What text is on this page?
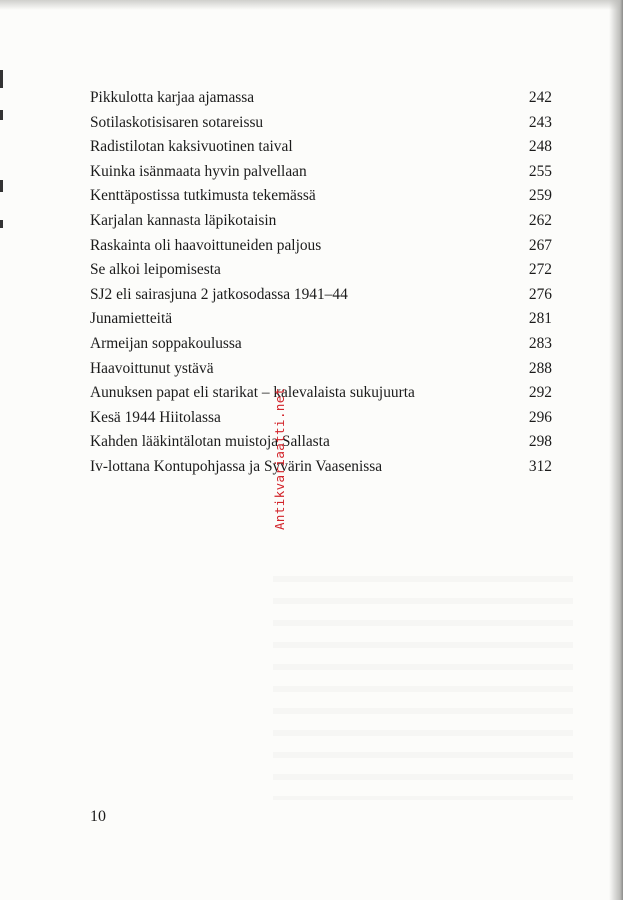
Pikkulotta karjaa ajamassa	242
Sotilaskotisisaren sotareissu	243
Radistilotan kaksivuotinen taival	248
Kuinka isänmaata hyvin palvellaan	255
Kenttäpostissa tutkimusta tekemässä	259
Karjalan kannasta läpikotaisin	262
Raskainta oli haavoittuneiden paljous	267
Se alkoi leipomisesta	272
SJ2 eli sairasjuna 2 jatkosodassa 1941–44	276
Junamietteitä	281
Armeijan soppakoulussa	283
Haavoittunut ystävä	288
Aunuksen papat eli starikat – kalevalaista sukujuurta	292
Kesä 1944 Hiitolassa	296
Kahden lääkintälotan muistoja Sallasta	298
Iv-lottana Kontupohjassa ja Syvärin Vaasenissa	312
Antikvariaatti.net
10
